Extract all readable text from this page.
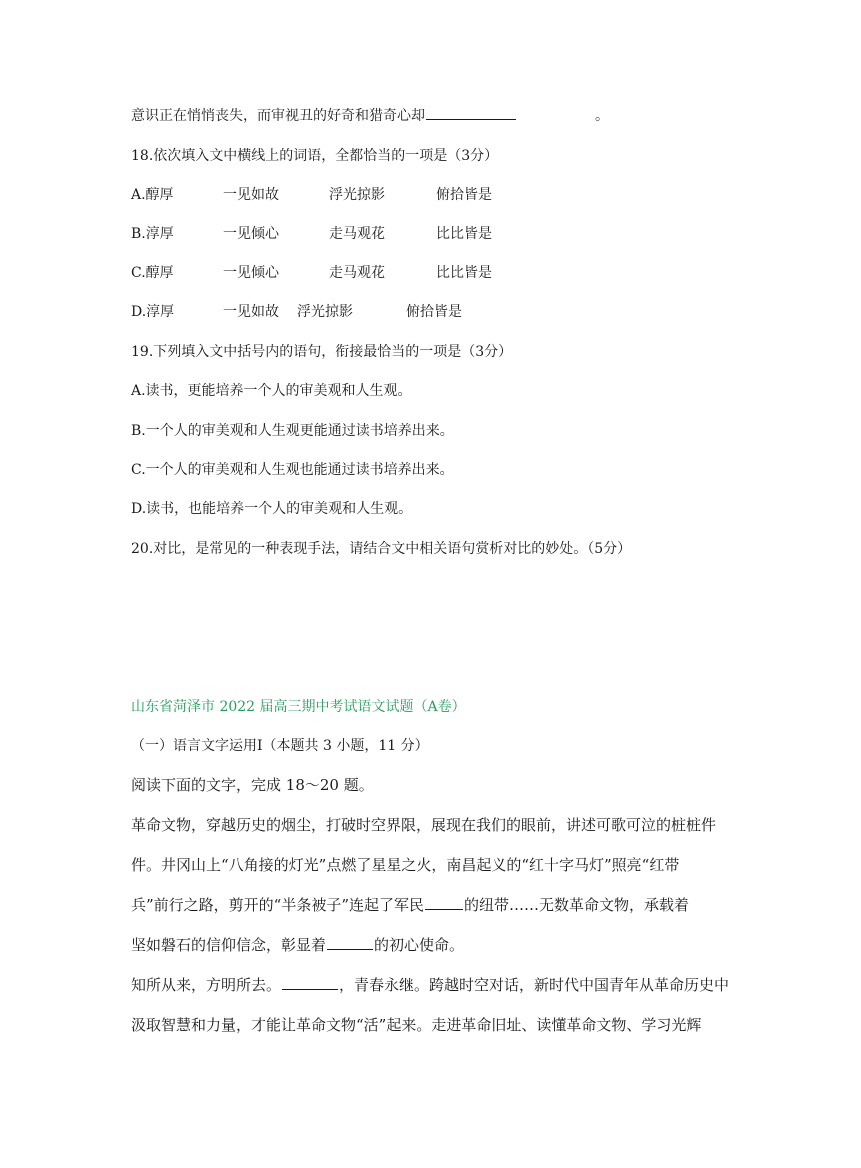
意识正在悄悄丧失，而审视丑的好奇和猎奇心却	。
18.依次填入文中横线上的词语，全都恰当的一项是（3分）
A.醇厚	一见如故	浮光掠影	俯拾皆是
B.淳厚	一见倾心	走马观花	比比皆是
C.醇厚	一见倾心	走马观花	比比皆是
D.淳厚	一见如故 浮光掠影	俯拾皆是
19.下列填入文中括号内的语句，衔接最恰当的一项是（3分）
A.读书，更能培养一个人的审美观和人生观。
B.一个人的审美观和人生观更能通过读书培养出来。
C.一个人的审美观和人生观也能通过读书培养出来。
D.读书，也能培养一个人的审美观和人生观。
20.对比，是常见的一种表现手法，请结合文中相关语句赏析对比的妙处。（5分）
山东省菏泽市 2022 届高三期中考试语文试题（A卷）
（一）语言文字运用Ⅰ（本题共 3 小题，11 分）
阅读下面的文字，完成 18～20 题。
革命文物，穿越历史的烟尘，打破时空界限，展现在我们的眼前，讲述可歌可泣的桩桩件
件。井冈山上“八角接的灯光”点燃了星星之火，南昌起义的“红十字马灯”照亮“红带
兵”前行之路，剪开的“半条被子”连起了军民	的纽带……无数革命文物，承载着
坚如磐石的信仰信念，彰显着	的初心使命。
知所从来，方明所去。	，青春永继。跨越时空对话，新时代中国青年从革命历史中
汲取智慧和力量，才能让革命文物“活”起来。走进革命旧址、读懂革命文物、学习光辉
